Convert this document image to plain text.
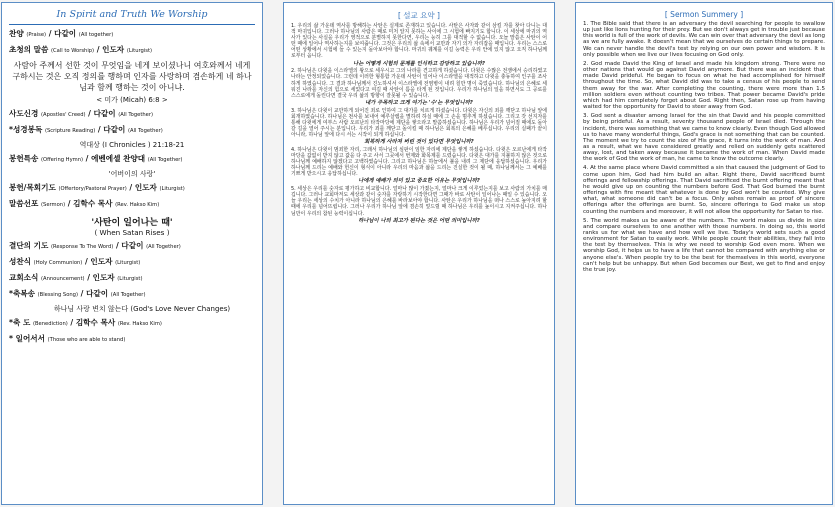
In Spirit and Truth We Worship
찬양 (Praise) / 다같이 (All together)
초청의 말씀 (Call to Worship) / 인도자 (Liturgist)
사람아 주께서 선한 것이 무엇임을 네게 보이셨나니 여호와께서 네게 구하시는 것은 오직 정의를 행하며 인자를 사랑하며 겸손하게 네 하나님과 함께 행하는 것이 아니냐.
< 미가 (Micah) 6:8 >
사도신경 (Apostles' Creed) / 다같이 (All Together)
*성경봉독 (Scripture Reading) / 다같이 (All Together)
역대상 (I Chronicles ) 21:18-21
봉헌특송 (Offering Hymn) / 에벤에셀 찬양대 (All Together)
'어버이의 사랑'
봉헌/목회기도 (Offertory/Pastoral Prayer) / 인도자 (Liturgist)
말씀선포 (Sermon) / 김학수 목사 (Rev. Hakso Kim)
'사탄이 일어나는 때'
( When Satan Rises )
결단의 기도 (Response To The Word) / 다같이 (All Together)
성찬식 (Holy Communion) / 인도자 (Liturgist)
교회소식 (Announcement) / 인도자 (Liturgist)
*축복송 (Blessing Song) / 다같이 (All Together)
하나님 사랑 변치 않는다 (God's Love Never Changes)
*축 도 (Benediction) / 김학수 목사 (Rev. Hakso Kim)
* 일어서서 (Those who are able to stand)
[ 설교 요약 ]

1. 우리의 삶 가운데 역사를 방해하는 사탄은 실제로 존재하고 있습니다. 사탄은 사자와 같이 삼킬 자를 찾아 다니는 대적 마귀입니다. 그러나 하나님의 사람은 때로 미처 알지 못하는 사이에 그 시험에 빠지기도 합니다. 이 세상에 마귀의 역사가 있다는 사실을 우리가 영적으로 분별하지 못한다면, 우리는 능히 그를 대적할 수 없습니다. 오늘 말씀은 사탄이 어떤 때에 일어나 역사하는지를 보여줍니다. 그것은 우리의 삶 속에서 교만과 자기 의가 자리잡을 때입니다. 우리는 스스로 어떤 상황에서 시험에 들 수 있는지 돌아보아야 합니다. 마귀의 궤계를 이길 능력은 우리 안에 있지 않고 오직 하나님께로부터 옵니다.

나는 어떻게 시험의 문제를 인식하고 감당하고 있습니까?

2. 하나님은 다윗을 이스라엘의 왕으로 세우시고 그의 나라를 견고하게 하셨습니다. 다윗은 수많은 전쟁에서 승리하였고 나라는 안정되었습니다. 그런데 이러한 형통함 가운데 사탄이 일어나 이스라엘을 대적하고 다윗을 충동하여 인구를 조사하게 하였습니다. 그 결과 하나님께서 진노하셔서 이스라엘에 전염병이 내려 칠만 명이 죽었습니다. 하나님의 은혜로 세워진 나라를 자신의 힘으로 세었다고 여길 때 사탄이 틈을 타게 된 것입니다. 우리가 하나님의 일을 하면서도 그 공로를 스스로에게 돌린다면 결국 우리 삶의 방향이 잘못될 수 있습니다.

내가 주목하고 크게 여기는 '수'는 무엇입니까?

3. 하나님은 다윗이 교만하게 되어진 죄로 인하여 그 대가를 치르게 하셨습니다. 다윗은 자신의 죄를 깨닫고 하나님 앞에 회개하였습니다. 하나님은 천사를 보내어 예루살렘을 멸하려 하실 때에 그 손을 멈추게 하셨습니다. 그리고 갓 선지자를 통해 다윗에게 여부스 사람 오르난의 타작마당에 제단을 쌓으라고 말씀하셨습니다. 하나님은 우리가 넘어질 때에도 돌아갈 길을 열어 주시는 분입니다. 우리가 죄를 깨닫고 돌이킬 때 하나님은 회복의 은혜를 베푸십니다. 우리의 실패가 끝이 아니라, 하나님 앞에 다시 서는 시작이 되게 하십니다.

회복하게 사라져 버린 것이 있다면 무엇입니까?

4. 하나님은 다윗이 범죄한 자리, 그래서 하나님의 심판이 임한 자리에 제단을 쌓게 하셨습니다. 다윗은 오르난에게 타작마당을 값없이 받지 않고 값을 다 주고 사서 그곳에서 번제와 화목제를 드렸습니다. 다윗은 대가를 지불하지 않은 것으로 하나님께 예배하지 않겠다고 고백하였습니다. 그리고 하나님은 하늘에서 불을 내려 그 제단에 응답하셨습니다. 우리가 하나님께 드리는 예배와 헌신이 형식이 아니라 우리의 마음과 삶을 드리는 진실한 것이 될 때, 하나님께서는 그 예배를 기쁘게 받으시고 응답하십니다.

나에게 예배가 의미 있고 중요한 이유는 무엇입니까?

5. 세상은 우리를 숫자로 평가하고 비교합니다. 얼마나 많이 가졌는지, 얼마나 크게 이루었는지를 보고 사람의 가치를 매깁니다. 그러나 교회마저도 세상과 같이 숫자를 자랑하기 시작한다면 그때가 바로 사탄이 일어나는 때일 수 있습니다. 오늘 우리는 세상의 수치가 아니라 하나님의 은혜를 바라보아야 합니다. 사탄은 우리가 하나님을 떠나 스스로 높아지려 할 때에 우리를 넘어뜨립니다. 그러나 우리가 하나님 앞에 겸손히 엎드릴 때 하나님은 우리를 높이시고 지켜주십니다. 하나님만이 우리의 참된 능력이십니다.

하나님이 나의 최고가 된다는 것은 어떤 의미입니까?

[ Sermon Summery ]

1. The Bible said that there is an adversary the devil searching for people to swallow up just like lions hunting for their prey. But we don't always get in trouble just because this world is full of the work of devils. We can win over that adversary the devil as long as we are fully awake. It doesn't mean that we ourselves do certain things to prepare. We can never handle the devil's test by relying on our own power and wisdom. It is only possible when we live our lives focusing on God only.

2. God made David the King of Israel and made his kingdom strong. There were no other nations that would go against David anymore. But there was an incident that made David prideful. He began to focus on what he had accomplished for himself throughout the time. So, what David did was to take a census of his people to send them away for the war. After completing the counting, there were more than 1.5 million soldiers even without counting two tribes. That power became David's pride which had him completely forget about God. Right then, Satan rose up from having waited for the opportunity for David to steer away from God.

3. God sent a disaster among Israel for the sin that David and his people committed by being prideful. As a result, seventy thousand people of Israel died. Through the incident, there was something that we came to know clearly. Even though God allowed us to have many wonderful things, God's grace is not something that can be counted. The moment we try to count the size of His grace, it turns into the work of man. And as a result, what we have considered greatly and relied on suddenly gets scattered away, lost, and taken away because it became the work of man. When David made the work of God the work of man, he came to know the outcome clearly.

4. At the same place where David committed a sin that caused the judgment of God to come upon him, God had him build an altar. Right there, David sacrificed burnt offerings and fellowship offerings. That David sacrificed the burnt offering meant that he would give up on counting the numbers before God. That God burned the burnt offerings with fire meant that whatever is done by God won't be counted. Why give what, what someone did can't be a focus. Only ashes remain as proof of sincere offerings after the offerings are burnt. So, sincere offerings to God make us stop counting the numbers and moreover, it will not allow the opportunity for Satan to rise.

5. The world makes us be aware of the numbers. The world makes us divide in size and compare ourselves to one another with those numbers. In doing so, this world ranks us for what we have and how well we live. Today's world sets such a good environment for Satan to easily work. While people count their abilities, they fall into the test by themselves. This is why we need to worship God even more. When we worship God, it helps us to have a life that cannot be compared with anything else or anyone else's. When people try to be the best for themselves in this world, everyone can't help but be unhappy. But when God becomes our Best, we get to find and enjoy the true joy.
